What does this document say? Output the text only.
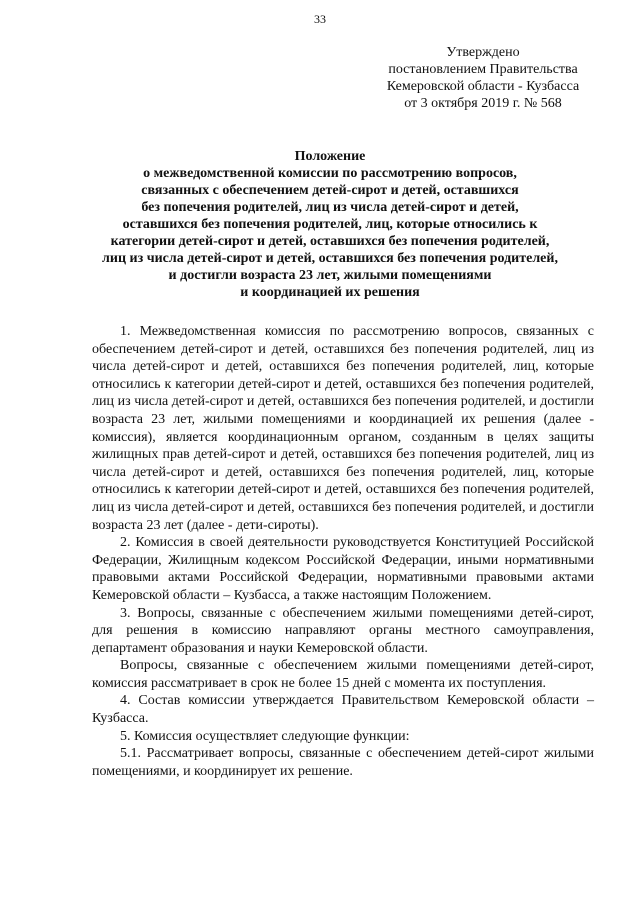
33
Утверждено
постановлением Правительства
Кемеровской области - Кузбасса
от 3 октября 2019 г. № 568
Положение
о межведомственной комиссии по рассмотрению вопросов,
связанных с обеспечением детей-сирот и детей, оставшихся
без попечения родителей, лиц из числа детей-сирот и детей,
оставшихся без попечения родителей, лиц, которые относились к
категории детей-сирот и детей, оставшихся без попечения родителей,
лиц из числа детей-сирот и детей, оставшихся без попечения родителей,
и достигли возраста 23 лет, жилыми помещениями
и координацией их решения

1. Межведомственная комиссия по рассмотрению вопросов, связанных с обеспечением детей-сирот и детей, оставшихся без попечения родителей, лиц из числа детей-сирот и детей, оставшихся без попечения родителей, лиц, которые относились к категории детей-сирот и детей, оставшихся без попечения родителей, лиц из числа детей-сирот и детей, оставшихся без попечения родителей, и достигли возраста 23 лет, жилыми помещениями и координацией их решения (далее - комиссия), является координационным органом, созданным в целях защиты жилищных прав детей-сирот и детей, оставшихся без попечения родителей, лиц из числа детей-сирот и детей, оставшихся без попечения родителей, лиц, которые относились к категории детей-сирот и детей, оставшихся без попечения родителей, лиц из числа детей-сирот и детей, оставшихся без попечения родителей, и достигли возраста 23 лет (далее - дети-сироты).

2. Комиссия в своей деятельности руководствуется Конституцией Российской Федерации, Жилищным кодексом Российской Федерации, иными нормативными правовыми актами Российской Федерации, нормативными правовыми актами Кемеровской области – Кузбасса, а также настоящим Положением.

3. Вопросы, связанные с обеспечением жилыми помещениями детей-сирот, для решения в комиссию направляют органы местного самоуправления, департамент образования и науки Кемеровской области.

Вопросы, связанные с обеспечением жилыми помещениями детей-сирот, комиссия рассматривает в срок не более 15 дней с момента их поступления.

4. Состав комиссии утверждается Правительством Кемеровской области – Кузбасса.

5. Комиссия осуществляет следующие функции:

5.1. Рассматривает вопросы, связанные с обеспечением детей-сирот жилыми помещениями, и координирует их решение.
